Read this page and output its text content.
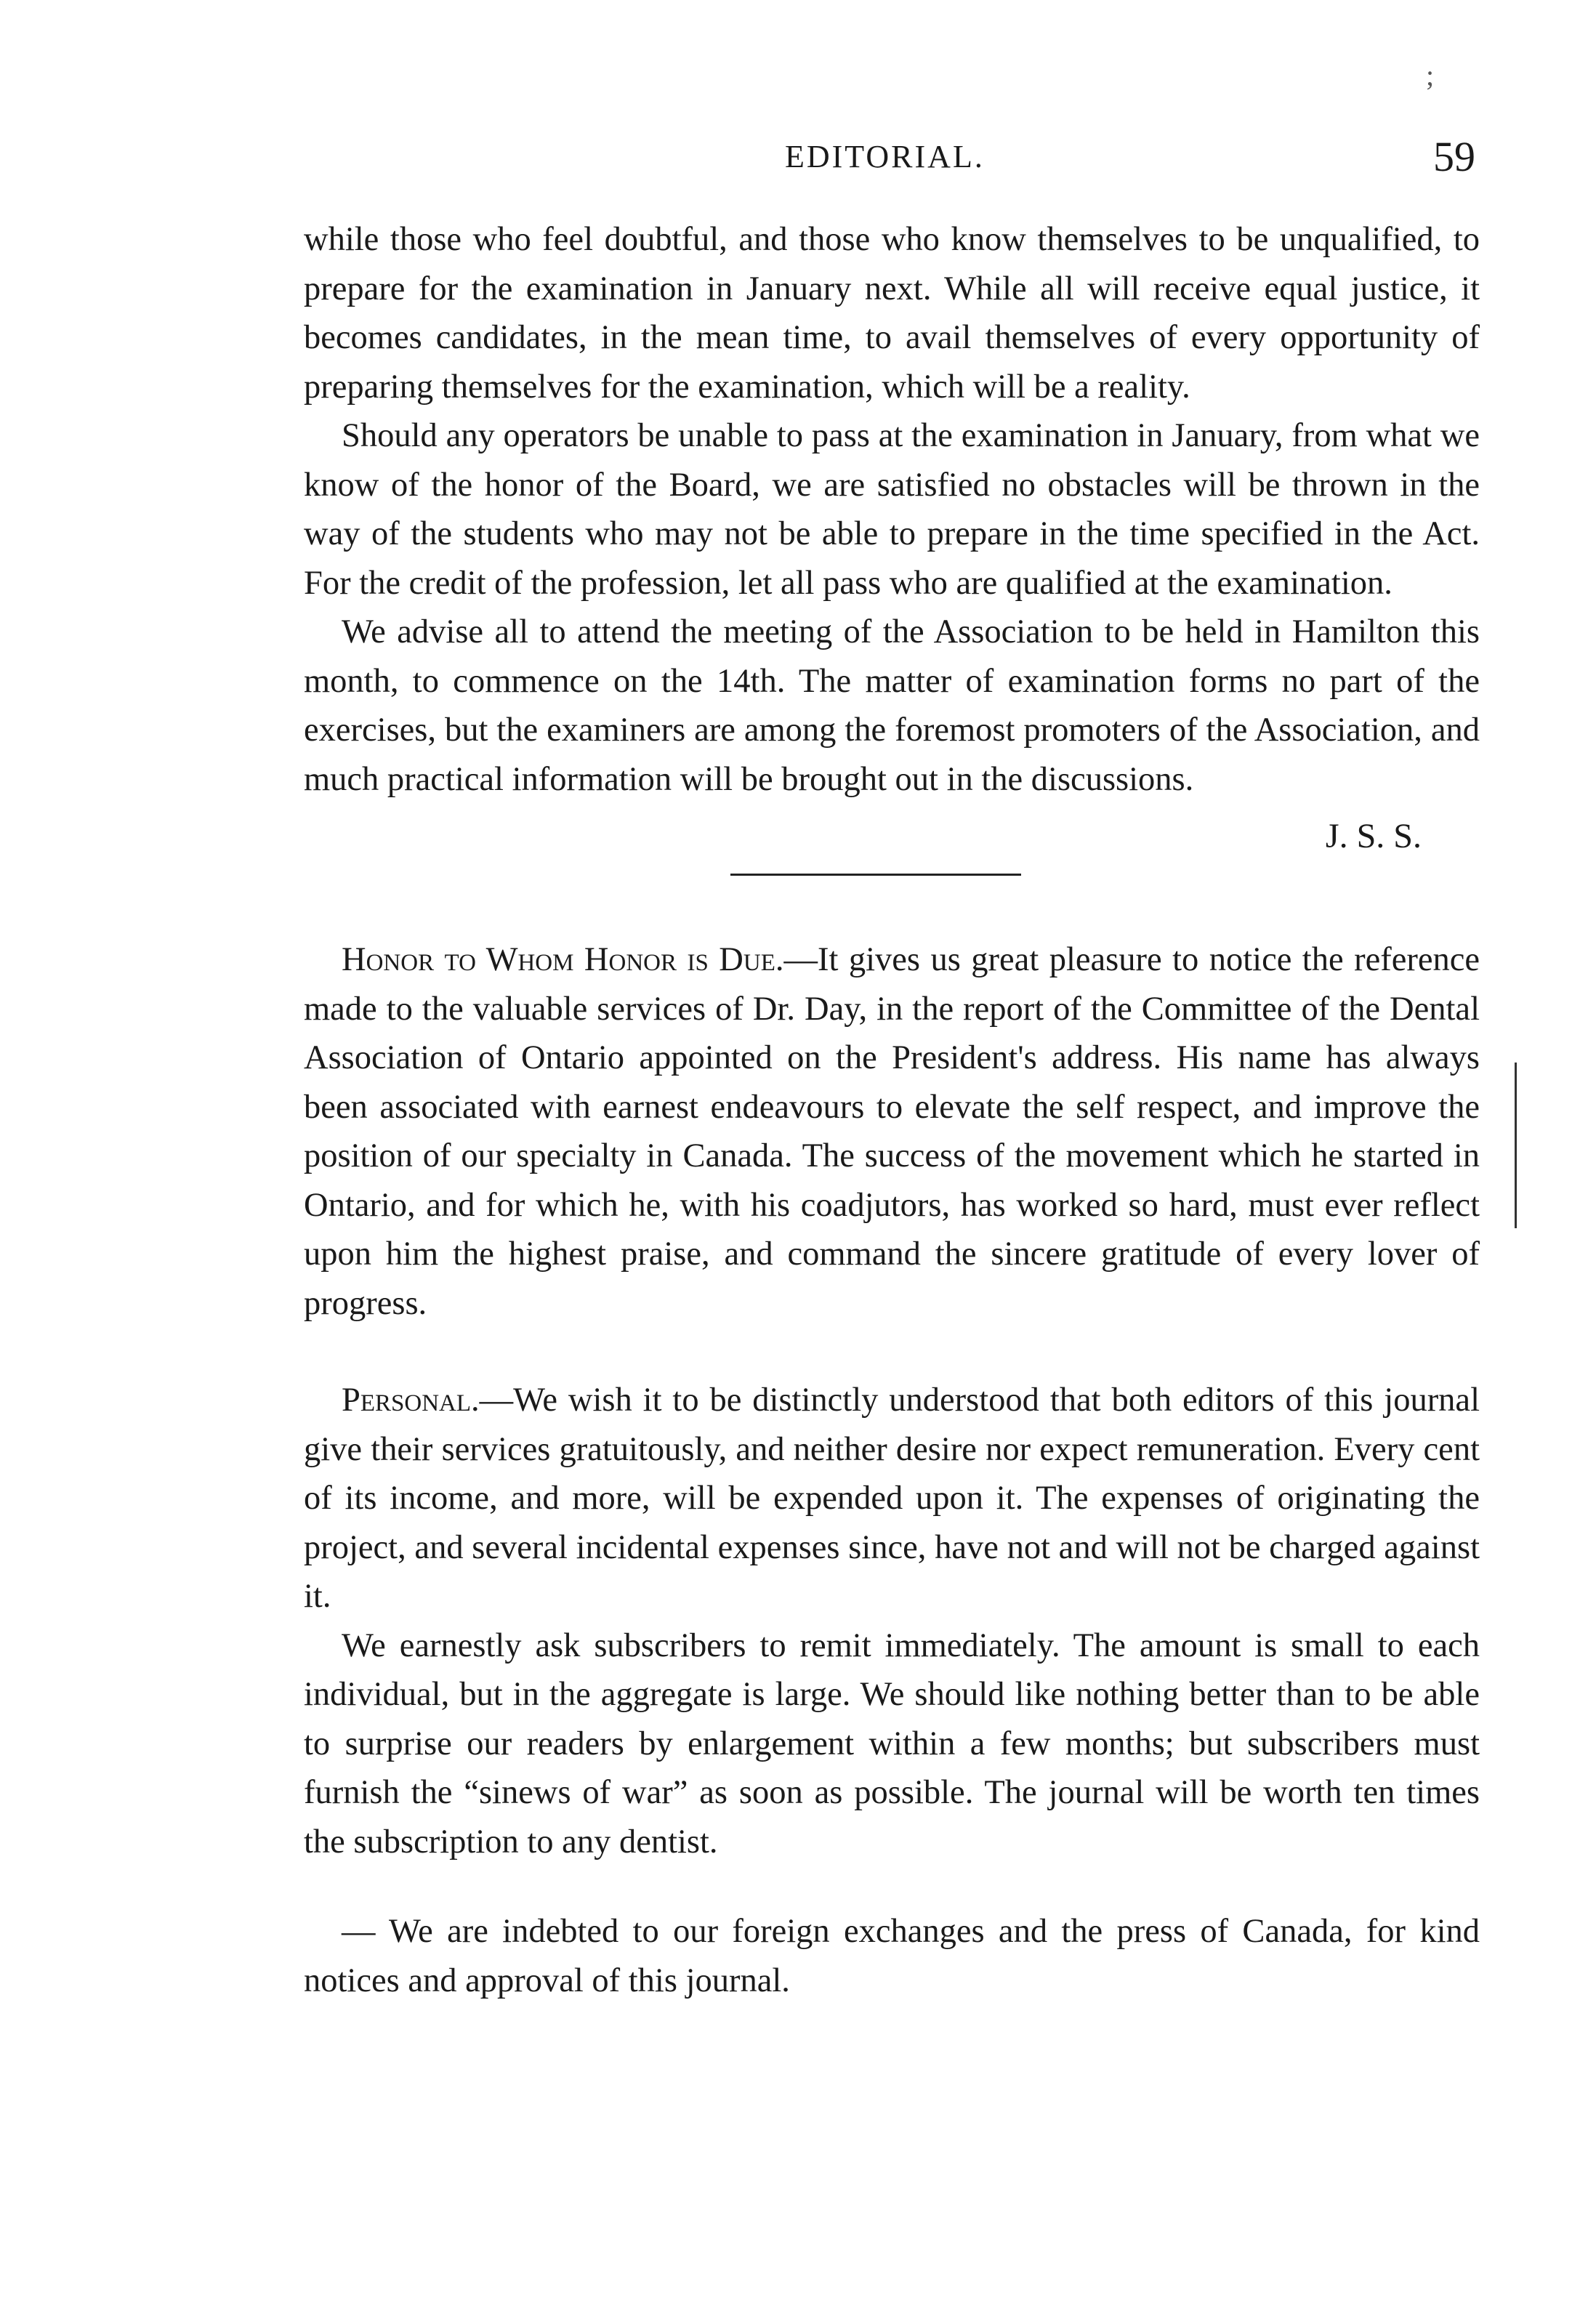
;
EDITORIAL.	59

while those who feel doubtful, and those who know themselves to be unqualified, to prepare for the examination in January next. While all will receive equal justice, it becomes candidates, in the mean time, to avail themselves of every opportunity of preparing themselves for the examination, which will be a reality.

Should any operators be unable to pass at the examination in January, from what we know of the honor of the Board, we are satisfied no obstacles will be thrown in the way of the students who may not be able to prepare in the time specified in the Act. For the credit of the profession, let all pass who are qualified at the examination.

We advise all to attend the meeting of the Association to be held in Hamilton this month, to commence on the 14th. The matter of examination forms no part of the exercises, but the examiners are among the foremost promoters of the Association, and much practical information will be brought out in the discussions.

J. S. S.

Honor to Whom Honor is Due.—It gives us great pleasure to notice the reference made to the valuable services of Dr. Day, in the report of the Committee of the Dental Association of Ontario appointed on the President's address. His name has always been associated with earnest endeavours to elevate the self respect, and improve the position of our specialty in Canada. The success of the movement which he started in Ontario, and for which he, with his coadjutors, has worked so hard, must ever reflect upon him the highest praise, and command the sincere gratitude of every lover of progress.

Personal.—We wish it to be distinctly understood that both editors of this journal give their services gratuitously, and neither desire nor expect remuneration. Every cent of its income, and more, will be expended upon it. The expenses of originating the project, and several incidental expenses since, have not and will not be charged against it.

We earnestly ask subscribers to remit immediately. The amount is small to each individual, but in the aggregate is large. We should like nothing better than to be able to surprise our readers by enlargement within a few months; but subscribers must furnish the “sinews of war” as soon as possible. The journal will be worth ten times the subscription to any dentist.

— We are indebted to our foreign exchanges and the press of Canada, for kind notices and approval of this journal.
